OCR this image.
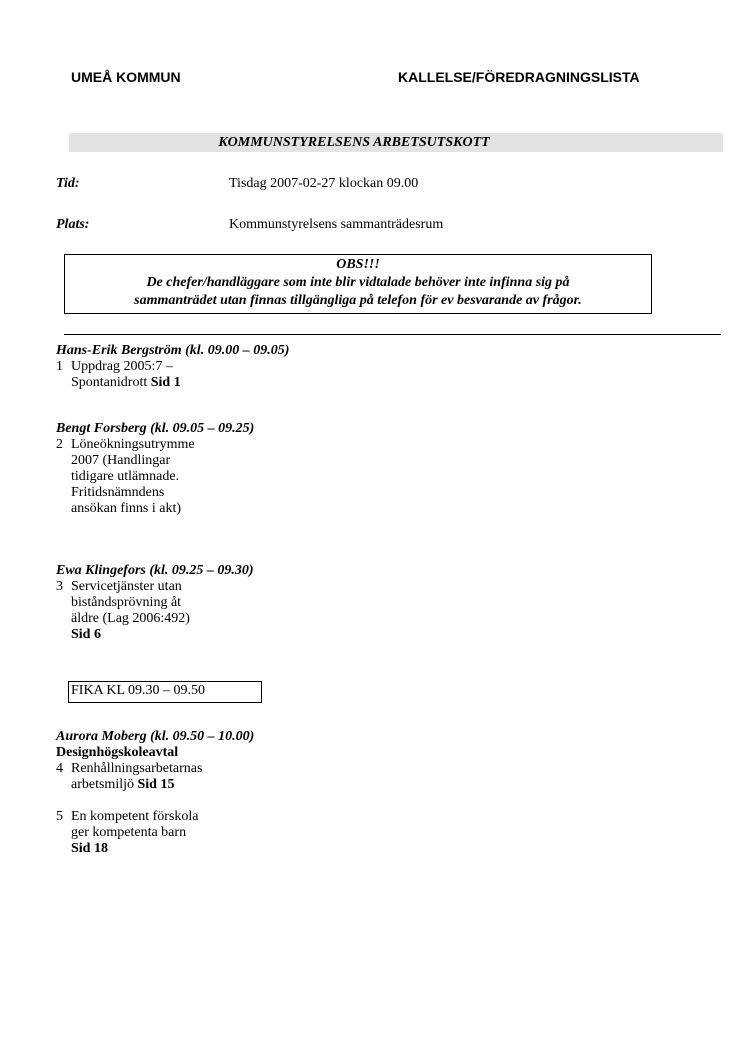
UMEÅ KOMMUN	KALLELSE/FÖREDRAGNINGSLISTA
KOMMUNSTYRELSENS ARBETSUTSKOTT
Tid:	Tisdag 2007-02-27 klockan 09.00
Plats:	Kommunstyrelsens sammanträdesrum
OBS!!!
De chefer/handläggare som inte blir vidtalade behöver inte infinna sig på
sammanträdet utan finnas tillgängliga på telefon för ev besvarande av frågor.
Hans-Erik Bergström (kl. 09.00 – 09.05)
1 Uppdrag 2005:7 –
Spontanidrott Sid 1
Bengt Forsberg (kl. 09.05 – 09.25)
2 Löneökningsutrymme
2007 (Handlingar
tidigare utlämnade.
Fritidsnämndens
ansökan finns i akt)
Ewa Klingefors (kl. 09.25 – 09.30)
3 Servicetjänster utan
biståndsprövning åt
äldre (Lag 2006:492)
Sid 6
FIKA KL 09.30 – 09.50
Aurora Moberg (kl. 09.50 – 10.00)
Designhögskoleavtal
4 Renhållningsarbetarnas
arbetsmiljö Sid 15
5 En kompetent förskola
ger kompetenta barn
Sid 18
